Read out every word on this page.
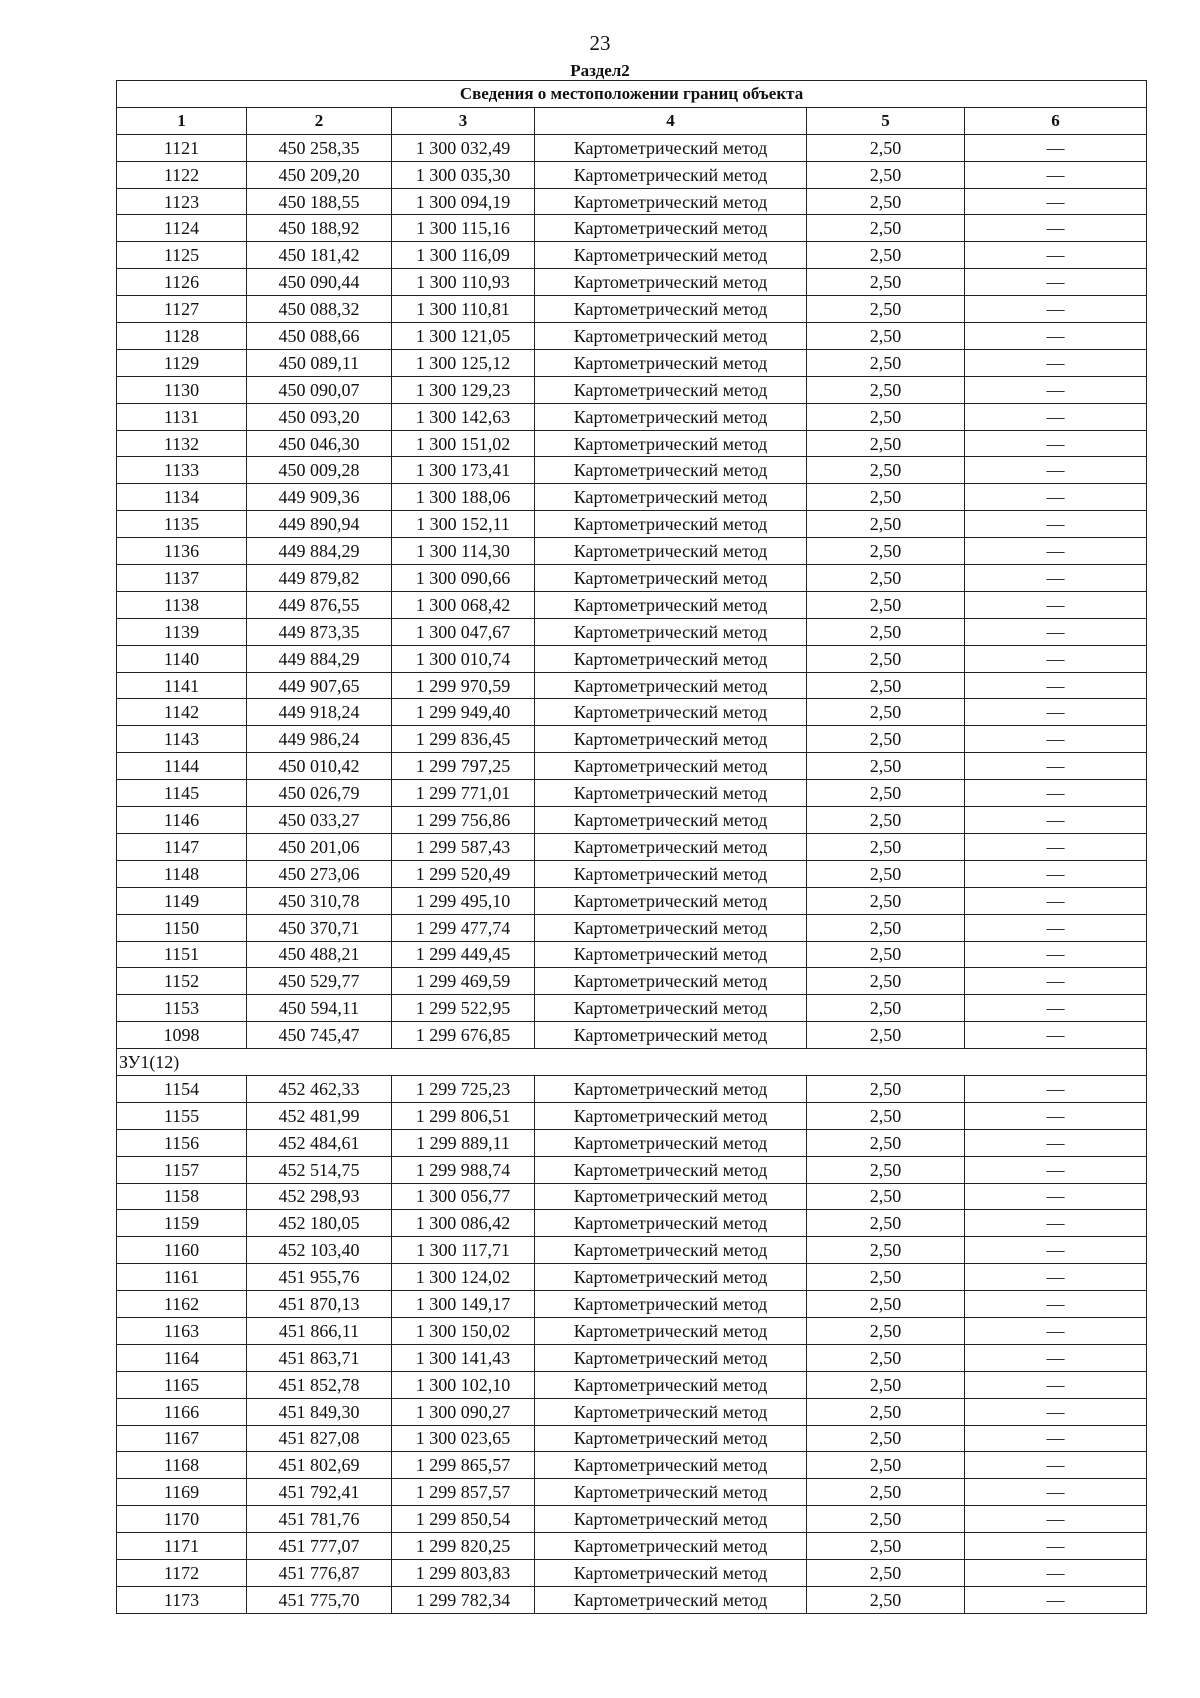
23
Раздел2
Сведения о местоположении границ объекта					
1	2	3	4	5	6
1121	450 258,35	1 300 032,49	Картометрический метод	2,50	—
1122	450 209,20	1 300 035,30	Картометрический метод	2,50	—
1123	450 188,55	1 300 094,19	Картометрический метод	2,50	—
1124	450 188,92	1 300 115,16	Картометрический метод	2,50	—
1125	450 181,42	1 300 116,09	Картометрический метод	2,50	—
1126	450 090,44	1 300 110,93	Картометрический метод	2,50	—
1127	450 088,32	1 300 110,81	Картометрический метод	2,50	—
1128	450 088,66	1 300 121,05	Картометрический метод	2,50	—
1129	450 089,11	1 300 125,12	Картометрический метод	2,50	—
1130	450 090,07	1 300 129,23	Картометрический метод	2,50	—
1131	450 093,20	1 300 142,63	Картометрический метод	2,50	—
1132	450 046,30	1 300 151,02	Картометрический метод	2,50	—
1133	450 009,28	1 300 173,41	Картометрический метод	2,50	—
1134	449 909,36	1 300 188,06	Картометрический метод	2,50	—
1135	449 890,94	1 300 152,11	Картометрический метод	2,50	—
1136	449 884,29	1 300 114,30	Картометрический метод	2,50	—
1137	449 879,82	1 300 090,66	Картометрический метод	2,50	—
1138	449 876,55	1 300 068,42	Картометрический метод	2,50	—
1139	449 873,35	1 300 047,67	Картометрический метод	2,50	—
1140	449 884,29	1 300 010,74	Картометрический метод	2,50	—
1141	449 907,65	1 299 970,59	Картометрический метод	2,50	—
1142	449 918,24	1 299 949,40	Картометрический метод	2,50	—
1143	449 986,24	1 299 836,45	Картометрический метод	2,50	—
1144	450 010,42	1 299 797,25	Картометрический метод	2,50	—
1145	450 026,79	1 299 771,01	Картометрический метод	2,50	—
1146	450 033,27	1 299 756,86	Картометрический метод	2,50	—
1147	450 201,06	1 299 587,43	Картометрический метод	2,50	—
1148	450 273,06	1 299 520,49	Картометрический метод	2,50	—
1149	450 310,78	1 299 495,10	Картометрический метод	2,50	—
1150	450 370,71	1 299 477,74	Картометрический метод	2,50	—
1151	450 488,21	1 299 449,45	Картометрический метод	2,50	—
1152	450 529,77	1 299 469,59	Картометрический метод	2,50	—
1153	450 594,11	1 299 522,95	Картометрический метод	2,50	—
1098	450 745,47	1 299 676,85	Картометрический метод	2,50	—
ЗУ1(12)					
1154	452 462,33	1 299 725,23	Картометрический метод	2,50	—
1155	452 481,99	1 299 806,51	Картометрический метод	2,50	—
1156	452 484,61	1 299 889,11	Картометрический метод	2,50	—
1157	452 514,75	1 299 988,74	Картометрический метод	2,50	—
1158	452 298,93	1 300 056,77	Картометрический метод	2,50	—
1159	452 180,05	1 300 086,42	Картометрический метод	2,50	—
1160	452 103,40	1 300 117,71	Картометрический метод	2,50	—
1161	451 955,76	1 300 124,02	Картометрический метод	2,50	—
1162	451 870,13	1 300 149,17	Картометрический метод	2,50	—
1163	451 866,11	1 300 150,02	Картометрический метод	2,50	—
1164	451 863,71	1 300 141,43	Картометрический метод	2,50	—
1165	451 852,78	1 300 102,10	Картометрический метод	2,50	—
1166	451 849,30	1 300 090,27	Картометрический метод	2,50	—
1167	451 827,08	1 300 023,65	Картометрический метод	2,50	—
1168	451 802,69	1 299 865,57	Картометрический метод	2,50	—
1169	451 792,41	1 299 857,57	Картометрический метод	2,50	—
1170	451 781,76	1 299 850,54	Картометрический метод	2,50	—
1171	451 777,07	1 299 820,25	Картометрический метод	2,50	—
1172	451 776,87	1 299 803,83	Картометрический метод	2,50	—
1173	451 775,70	1 299 782,34	Картометрический метод	2,50	—
